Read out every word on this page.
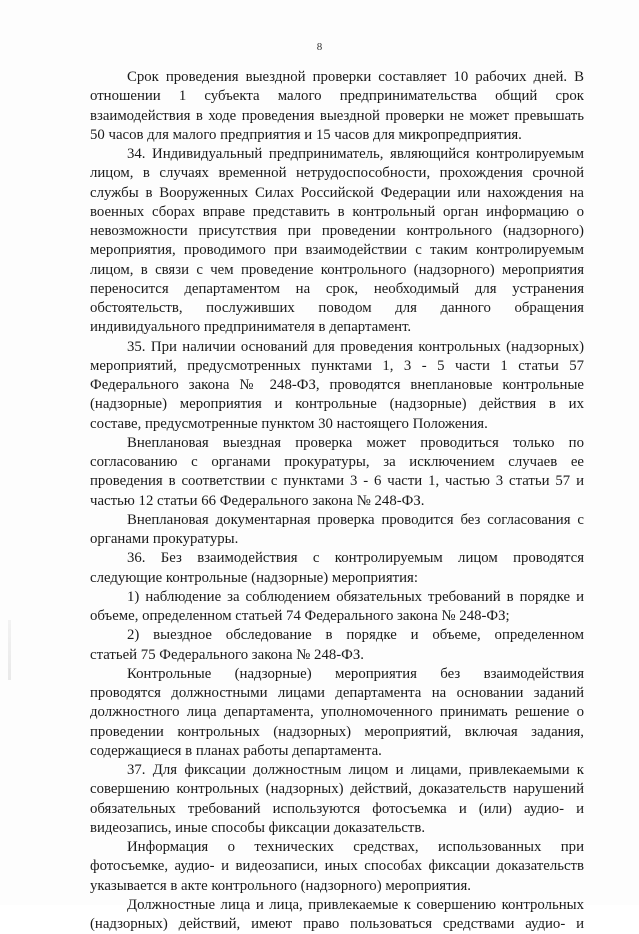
8
Срок проведения выездной проверки составляет 10 рабочих дней. В
отношении 1 субъекта малого предпринимательства общий срок
взаимодействия в ходе проведения выездной проверки не может превышать
50 часов для малого предприятия и 15 часов для микропредприятия.
34. Индивидуальный предприниматель, являющийся контролируемым
лицом, в случаях временной нетрудоспособности, прохождения срочной
службы в Вооруженных Силах Российской Федерации или нахождения на
военных сборах вправе представить в контрольный орган информацию о
невозможности присутствия при проведении контрольного (надзорного)
мероприятия, проводимого при взаимодействии с таким контролируемым
лицом, в связи с чем проведение контрольного (надзорного) мероприятия
переносится департаментом на срок, необходимый для устранения
обстоятельств, послуживших поводом для данного обращения
индивидуального предпринимателя в департамент.
35. При наличии оснований для проведения контрольных (надзорных)
мероприятий, предусмотренных пунктами 1, 3 - 5 части 1 статьи 57
Федерального закона № 248-ФЗ, проводятся внеплановые контрольные
(надзорные) мероприятия и контрольные (надзорные) действия в их
составе, предусмотренные пунктом 30 настоящего Положения.
Внеплановая выездная проверка может проводиться только по
согласованию с органами прокуратуры, за исключением случаев ее
проведения в соответствии с пунктами 3 - 6 части 1, частью 3 статьи 57 и
частью 12 статьи 66 Федерального закона № 248-ФЗ.
Внеплановая документарная проверка проводится без согласования с
органами прокуратуры.
36. Без взаимодействия с контролируемым лицом проводятся
следующие контрольные (надзорные) мероприятия:
1) наблюдение за соблюдением обязательных требований в порядке и
объеме, определенном статьей 74 Федерального закона № 248-ФЗ;
2) выездное обследование в порядке и объеме, определенном
статьей 75 Федерального закона № 248-ФЗ.
Контрольные (надзорные) мероприятия без взаимодействия
проводятся должностными лицами департамента на основании заданий
должностного лица департамента, уполномоченного принимать решение о
проведении контрольных (надзорных) мероприятий, включая задания,
содержащиеся в планах работы департамента.
37. Для фиксации должностным лицом и лицами, привлекаемыми к
совершению контрольных (надзорных) действий, доказательств нарушений
обязательных требований используются фотосъемка и (или) аудио- и
видеозапись, иные способы фиксации доказательств.
Информация о технических средствах, использованных при
фотосъемке, аудио- и видеозаписи, иных способах фиксации доказательств
указывается в акте контрольного (надзорного) мероприятия.
Должностные лица и лица, привлекаемые к совершению контрольных
(надзорных) действий, имеют право пользоваться средствами аудио- и
